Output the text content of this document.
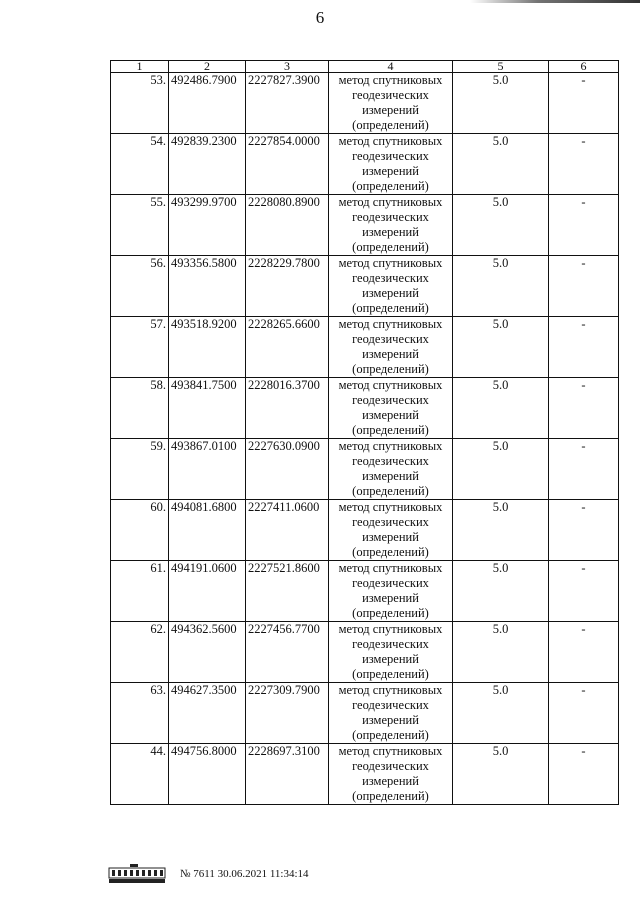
6
1	2	3	4	5	6
53.	492486.7900	2227827.3900	метод спутниковых геодезических измерений (определений)	5.0	-
54.	492839.2300	2227854.0000	метод спутниковых геодезических измерений (определений)	5.0	-
55.	493299.9700	2228080.8900	метод спутниковых геодезических измерений (определений)	5.0	-
56.	493356.5800	2228229.7800	метод спутниковых геодезических измерений (определений)	5.0	-
57.	493518.9200	2228265.6600	метод спутниковых геодезических измерений (определений)	5.0	-
58.	493841.7500	2228016.3700	метод спутниковых геодезических измерений (определений)	5.0	-
59.	493867.0100	2227630.0900	метод спутниковых геодезических измерений (определений)	5.0	-
60.	494081.6800	2227411.0600	метод спутниковых геодезических измерений (определений)	5.0	-
61.	494191.0600	2227521.8600	метод спутниковых геодезических измерений (определений)	5.0	-
62.	494362.5600	2227456.7700	метод спутниковых геодезических измерений (определений)	5.0	-
63.	494627.3500	2227309.7900	метод спутниковых геодезических измерений (определений)	5.0	-
44.	494756.8000	2228697.3100	метод спутниковых геодезических измерений (определений)	5.0	-
№ 7611 30.06.2021 11:34:14
